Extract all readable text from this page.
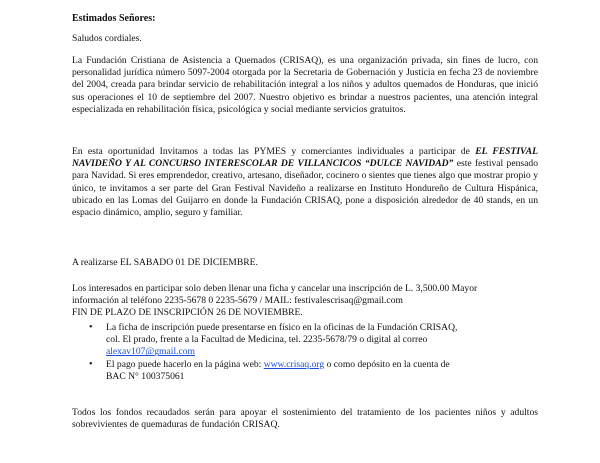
Estimados Señores:

Saludos cordiales.

La Fundación Cristiana de Asistencia a Quemados (CRISAQ), es una organización privada, sin fines de lucro, con personalidad jurídica número 5097-2004 otorgada por la Secretaria de Gobernación y Justicia en fecha 23 de noviembre del 2004, creada para brindar servicio de rehabilitación integral a los niños y adultos quemados de Honduras, que inició sus operaciones el 10 de septiembre del 2007. Nuestro objetivo es brindar a nuestros pacientes, una atención integral especializada en rehabilitación física, psicológica y social mediante servicios gratuitos.

En esta oportunidad Invitamos a todas las PYMES y comerciantes individuales a participar de EL FESTIVAL NAVIDEÑO Y AL CONCURSO INTERESCOLAR DE VILLANCICOS “DULCE NAVIDAD” este festival pensado para Navidad. Si eres emprendedor, creativo, artesano, diseñador, cocinero o sientes que tienes algo que mostrar propio y único, te invitamos a ser parte del Gran Festival Navideño a realizarse en Instituto Hondureño de Cultura Hispánica, ubicado en las Lomas del Guijarro en donde la Fundación CRISAQ, pone a disposición alrededor de 40 stands, en un espacio dinámico, amplio, seguro y familiar.

A realizarse EL SABADO 01 DE DICIEMBRE.

Los interesados en participar solo deben llenar una ficha y cancelar una inscripción de L. 3,500.00 Mayor
información al teléfono 2235-5678 0 2235-5679 / MAIL: festivalescrisaq@gmail.com
FIN DE PLAZO DE INSCRIPCIÓN 26 DE NOVIEMBRE.

• La ficha de inscripción puede presentarse en físico en la oficinas de la Fundación CRISAQ,
col. El prado, frente a la Facultad de Medicina, tel. 2235-5678/79 o digital al correo
alexav107@gmail.com
• El pago puede hacerlo en la página web: www.crisaq.org o como depósito en la cuenta de
BAC N° 100375061

Todos los fondos recaudados serán para apoyar el sostenimiento del tratamiento de los pacientes niños y adultos sobrevivientes de quemaduras de fundación CRISAQ.
